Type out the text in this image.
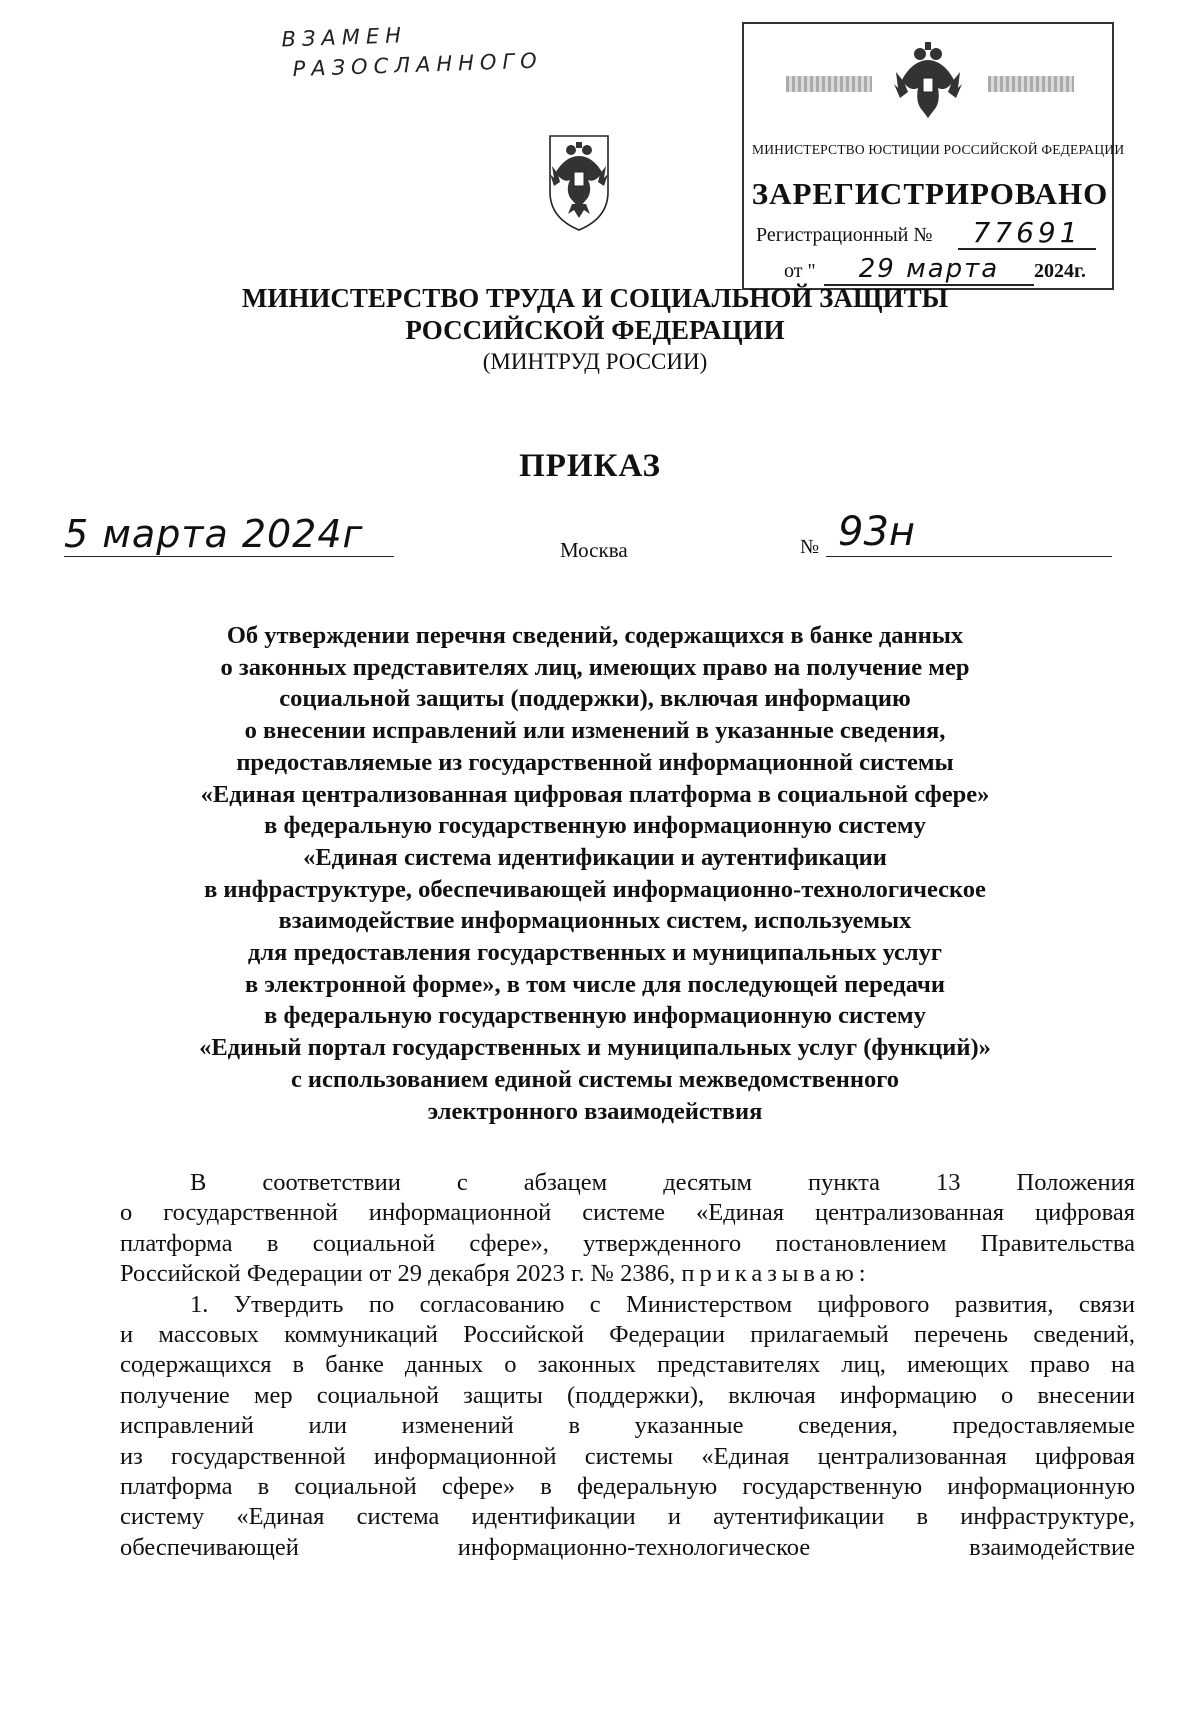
ВЗАМЕН
РАЗОСЛАННОГО
МИНИСТЕРСТВО ЮСТИЦИИ РОССИЙСКОЙ ФЕДЕРАЦИИ
ЗАРЕГИСТРИРОВАНО
Регистрационный №	77691
от "	29 марта	2024г.
МИНИСТЕРСТВО ТРУДА И СОЦИАЛЬНОЙ ЗАЩИТЫ
РОССИЙСКОЙ ФЕДЕРАЦИИ
(МИНТРУД РОССИИ)
ПРИКАЗ
5 марта 2024г	Москва	№ 93н
Об утверждении перечня сведений, содержащихся в банке данных
о законных представителях лиц, имеющих право на получение мер
социальной защиты (поддержки), включая информацию
о внесении исправлений или изменений в указанные сведения,
предоставляемые из государственной информационной системы
«Единая централизованная цифровая платформа в социальной сфере»
в федеральную государственную информационную систему
«Единая система идентификации и аутентификации
в инфраструктуре, обеспечивающей информационно-технологическое
взаимодействие информационных систем, используемых
для предоставления государственных и муниципальных услуг
в электронной форме», в том числе для последующей передачи
в федеральную государственную информационную систему
«Единый портал государственных и муниципальных услуг (функций)»
с использованием единой системы межведомственного
электронного взаимодействия
В соответствии с абзацем десятым пункта 13 Положения
о государственной информационной системе «Единая централизованная цифровая
платформа в социальной сфере», утвержденного постановлением Правительства
Российской Федерации от 29 декабря 2023 г. № 2386, приказываю:
1. Утвердить по согласованию с Министерством цифрового развития, связи
и массовых коммуникаций Российской Федерации прилагаемый перечень сведений,
содержащихся в банке данных о законных представителях лиц, имеющих право на
получение мер социальной защиты (поддержки), включая информацию о внесении
исправлений или изменений в указанные сведения, предоставляемые
из государственной информационной системы «Единая централизованная цифровая
платформа в социальной сфере» в федеральную государственную информационную
систему «Единая система идентификации и аутентификации в инфраструктуре,
обеспечивающей информационно-технологическое взаимодействие
